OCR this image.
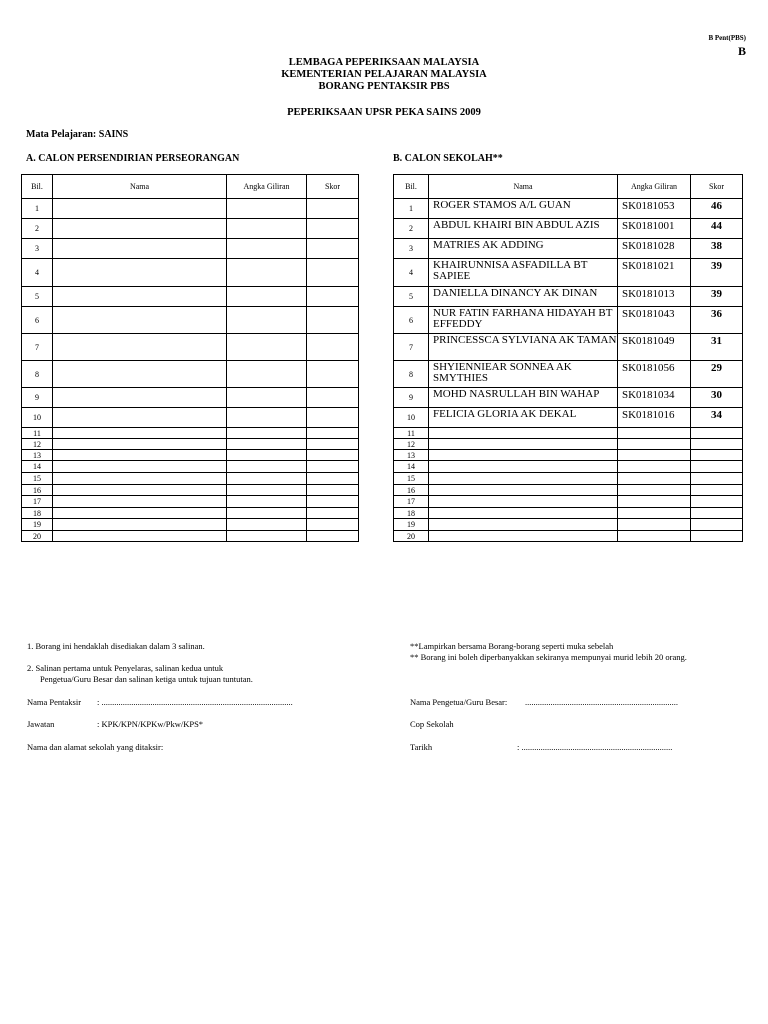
B Pent(PBS)
B
LEMBAGA PEPERIKSAAN MALAYSIA
KEMENTERIAN PELAJARAN MALAYSIA
BORANG PENTAKSIR PBS
PEPERIKSAAN UPSR PEKA SAINS 2009
Mata Pelajaran: SAINS
A. CALON PERSENDIRIAN PERSEORANGAN	B. CALON SEKOLAH**
Bil.	Nama	Angka Giliran	Skor
1			
2			
3			
4			
5			
6			
7			
8			
9			
10			
11			
12			
13			
14			
15			
16			
17			
18			
19			
20			
Bil.	Nama	Angka Giliran	Skor
1	ROGER STAMOS A/L GUAN	SK0181053	46
2	ABDUL KHAIRI BIN ABDUL AZIS	SK0181001	44
3	MATRIES AK ADDING	SK0181028	38
4	KHAIRUNNISA ASFADILLA BT SAPIEE	SK0181021	39
5	DANIELLA DINANCY AK DINAN	SK0181013	39
6	NUR FATIN FARHANA HIDAYAH BT EFFEDDY	SK0181043	36
7	PRINCESSCA SYLVIANA AK TAMAN	SK0181049	31
8	SHYIENNIEAR SONNEA AK SMYTHIES	SK0181056	29
9	MOHD NASRULLAH BIN WAHAP	SK0181034	30
10	FELICIA GLORIA AK DEKAL	SK0181016	34
11			
12			
13			
14			
15			
16			
17			
18			
19			
20			
1. Borang ini hendaklah disediakan dalam 3 salinan.
2. Salinan pertama untuk Penyelaras, salinan kedua untuk
Pengetua/Guru Besar dan salinan ketiga untuk tujuan tuntutan.
**Lampirkan bersama Borang-borang seperti muka sebelah
** Borang ini boleh diperbanyakkan sekiranya mempunyai murid lebih 20 orang.
Nama Pentaksir : ..........................................................................................
Jawatan	: KPK/KPN/KPKw/Pkw/KPS*
Nama dan alamat sekolah yang ditaksir:
Nama Pengetua/Guru Besar: ........................................................................
Cop Sekolah
Tarikh	: .......................................................................
